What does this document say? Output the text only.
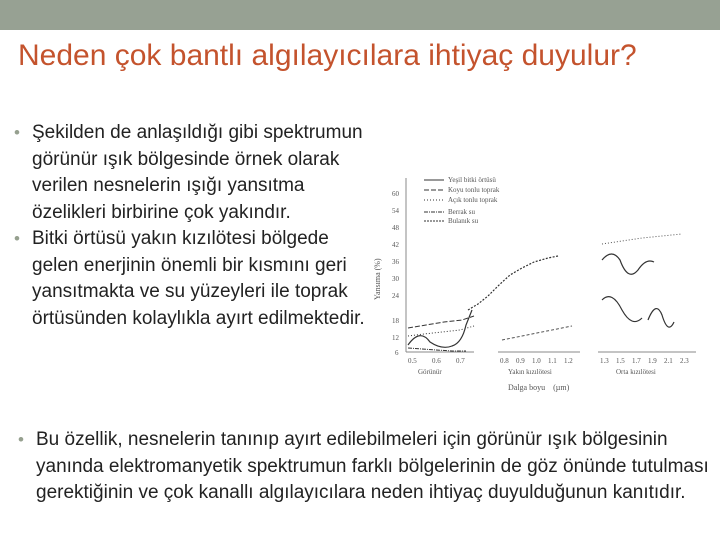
Neden çok bantlı algılayıcılara ihtiyaç duyulur?
• Şekilden de anlaşıldığı gibi spektrumun görünür ışık bölgesinde örnek olarak verilen nesnelerin ışığı yansıtma özelikleri birbirine çok yakındır.
• Bitki örtüsü yakın kızılötesi bölgede gelen enerjinin önemli bir kısmını geri yansıtmakta ve su yüzeyleri ile toprak örtüsünden kolaylıkla ayırt edilmektedir.
Yansıma (%)
60
54
48
42
36
30
24
18
12
6
Yeşil bitki örtüsü
Koyu tonlu toprak
Açık tonlu toprak
Berrak su
Bulanık su
0.5 0.6 0.7	0.8 0.9 1.0 1.1 1.2	1.3 1.5 1.7 1.9 2.1 2.3
Görünür	Yakın kızılötesi	Orta kızılötesi
Dalga boyu (µm)
• Bu özellik, nesnelerin tanınıp ayırt edilebilmeleri için görünür ışık bölgesinin yanında elektromanyetik spektrumun farklı bölgelerinin de göz önünde tutulması gerektiğinin ve çok kanallı algılayıcılara neden ihtiyaç duyulduğunun kanıtıdır.
